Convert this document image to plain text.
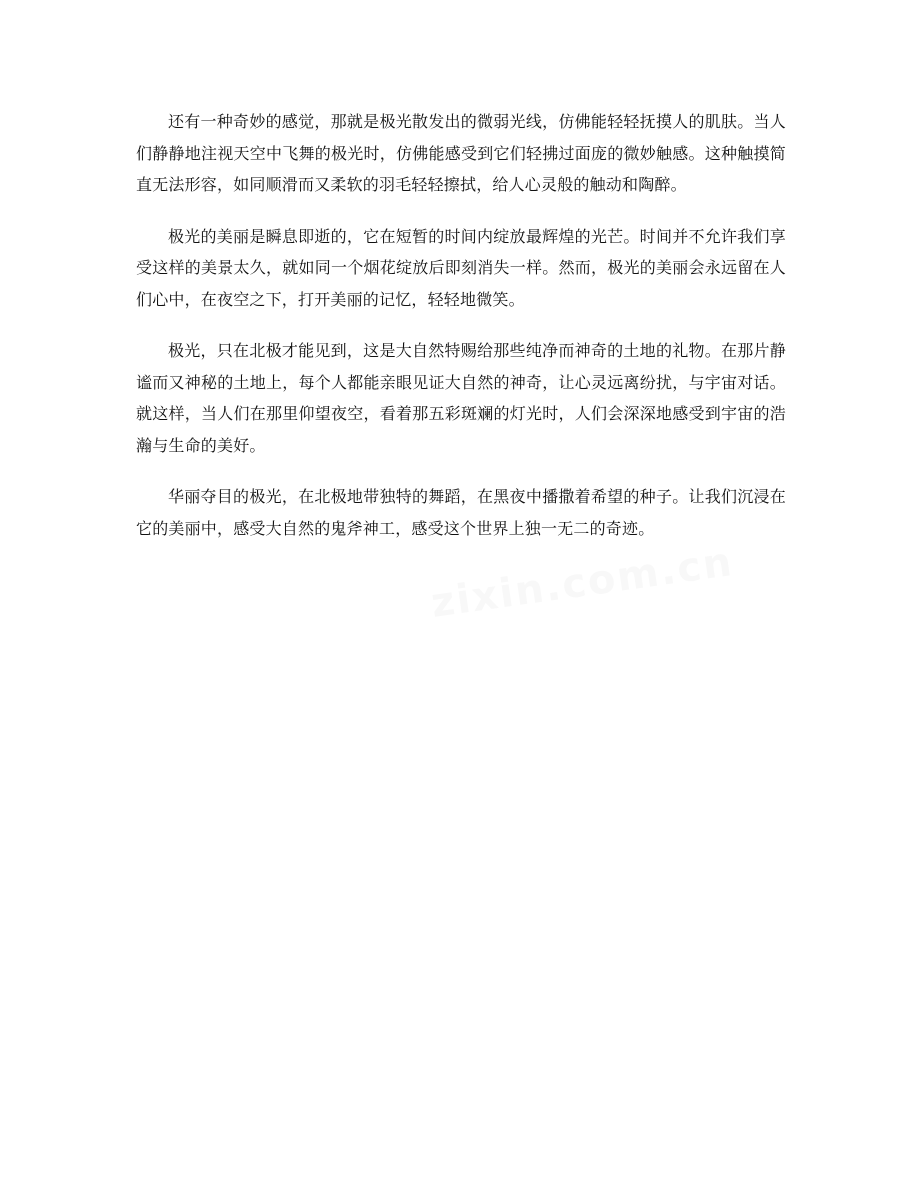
还有一种奇妙的感觉，那就是极光散发出的微弱光线，仿佛能轻轻抚摸人的肌肤。当人们静静地注视天空中飞舞的极光时，仿佛能感受到它们轻拂过面庞的微妙触感。这种触摸简直无法形容，如同顺滑而又柔软的羽毛轻轻擦拭，给人心灵般的触动和陶醉。

极光的美丽是瞬息即逝的，它在短暂的时间内绽放最辉煌的光芒。时间并不允许我们享受这样的美景太久，就如同一个烟花绽放后即刻消失一样。然而，极光的美丽会永远留在人们心中，在夜空之下，打开美丽的记忆，轻轻地微笑。

极光，只在北极才能见到，这是大自然特赐给那些纯净而神奇的土地的礼物。在那片静谧而又神秘的土地上，每个人都能亲眼见证大自然的神奇，让心灵远离纷扰，与宇宙对话。就这样，当人们在那里仰望夜空，看着那五彩斑斓的灯光时，人们会深深地感受到宇宙的浩瀚与生命的美好。

华丽夺目的极光，在北极地带独特的舞蹈，在黑夜中播撒着希望的种子。让我们沉浸在它的美丽中，感受大自然的鬼斧神工，感受这个世界上独一无二的奇迹。

zixin.com.cn
